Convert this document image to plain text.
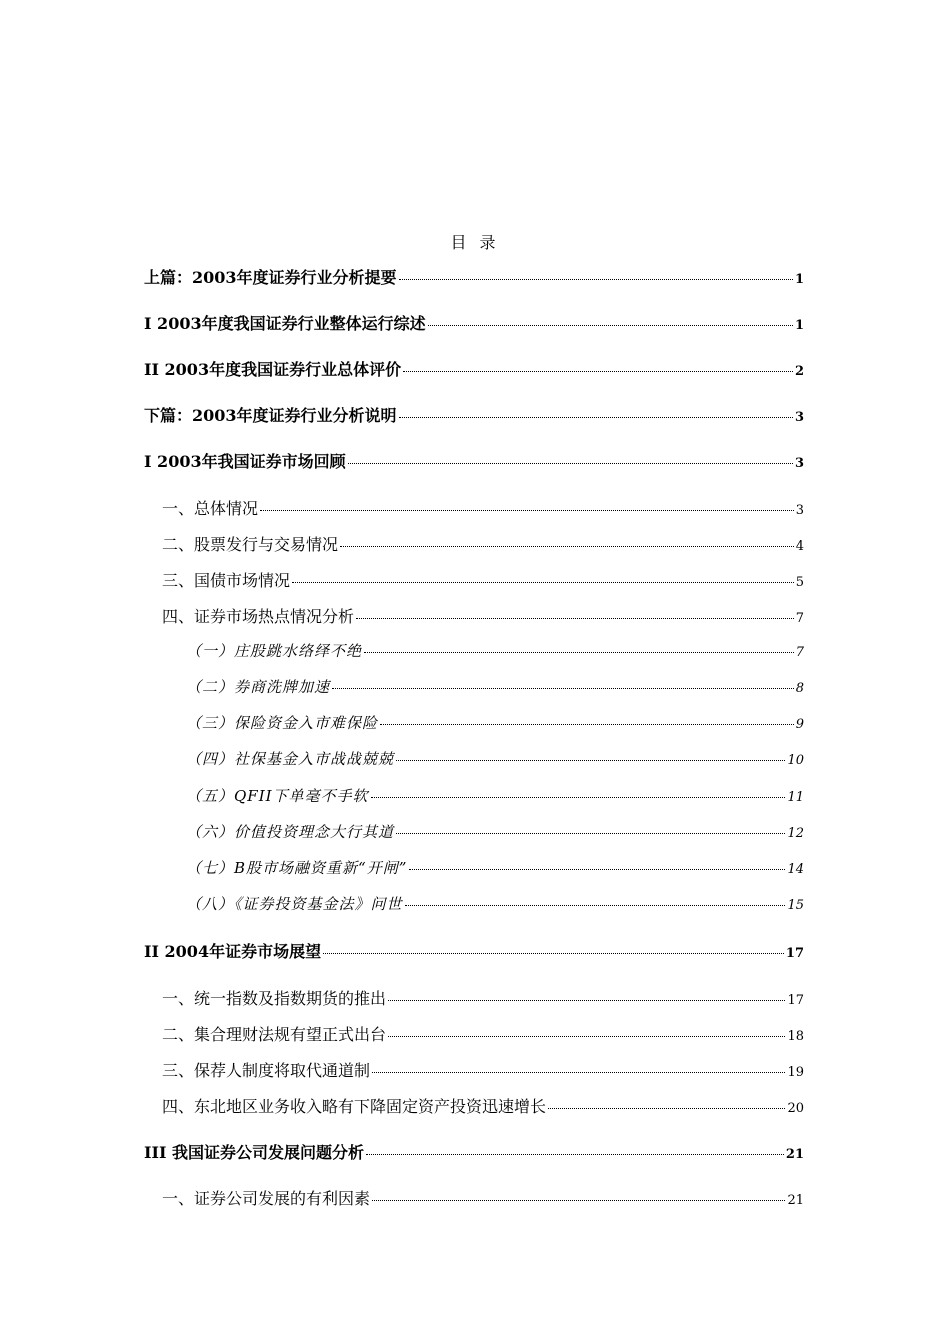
目 录
上篇：2003年度证券行业分析提要	1
I 2003年度我国证券行业整体运行综述	1
II 2003年度我国证券行业总体评价	2
下篇：2003年度证券行业分析说明	3
I 2003年我国证券市场回顾	3
一、总体情况	3
二、股票发行与交易情况	4
三、国债市场情况	5
四、证券市场热点情况分析	7
（一）庄股跳水络绎不绝	7
（二）券商洗牌加速	8
（三）保险资金入市难保险	9
（四）社保基金入市战战兢兢	10
（五）QFII下单毫不手软	11
（六）价值投资理念大行其道	12
（七）B股市场融资重新“开闸”	14
（八）《证券投资基金法》问世	15
II 2004年证券市场展望	17
一、统一指数及指数期货的推出	17
二、集合理财法规有望正式出台	18
三、保荐人制度将取代通道制	19
四、东北地区业务收入略有下降固定资产投资迅速增长	20
III 我国证券公司发展问题分析	21
一、证券公司发展的有利因素	21
